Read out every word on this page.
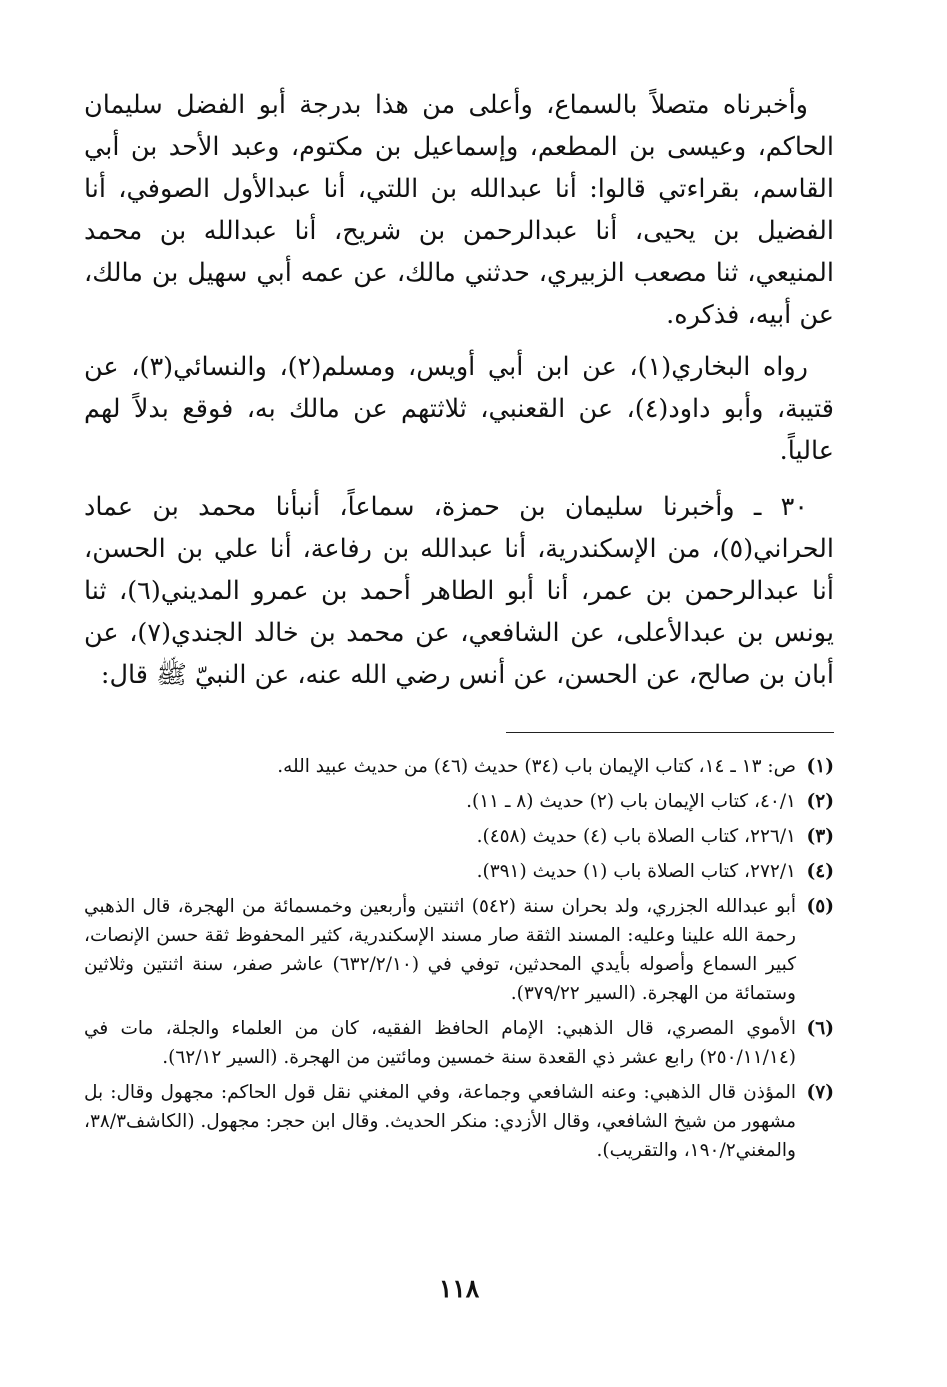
وأخبرناه متصلاً بالسماع، وأعلى من هذا بدرجة أبو الفضل سليمان الحاكم، وعيسى بن المطعم، وإسماعيل بن مكتوم، وعبد الأحد بن أبي القاسم، بقراءتي قالوا: أنا عبدالله بن اللتي، أنا عبدالأول الصوفي، أنا الفضيل بن يحيى، أنا عبدالرحمن بن شريح، أنا عبدالله بن محمد المنيعي، ثنا مصعب الزبيري، حدثني مالك، عن عمه أبي سهيل بن مالك، عن أبيه، فذكره.

رواه البخاري(١)، عن ابن أبي أويس، ومسلم(٢)، والنسائي(٣)، عن قتيبة، وأبو داود(٤)، عن القعنبي، ثلاثتهم عن مالك به، فوقع بدلاً لهم عالياً.

٣٠ ـ وأخبرنا سليمان بن حمزة، سماعاً، أنبأنا محمد بن عماد الحراني(٥)، من الإسكندرية، أنا عبدالله بن رفاعة، أنا علي بن الحسن، أنا عبدالرحمن بن عمر، أنا أبو الطاهر أحمد بن عمرو المديني(٦)، ثنا يونس بن عبدالأعلى، عن الشافعي، عن محمد بن خالد الجندي(٧)، عن أبان بن صالح، عن الحسن، عن أنس رضي الله عنه، عن النبيّ ﷺ قال:

(١)
ص: ١٣ ـ ١٤، كتاب الإيمان باب (٣٤) حديث (٤٦) من حديث عبيد الله.
(٢)
٤٠/١، كتاب الإيمان باب (٢) حديث (٨ ـ ١١).
(٣)
٢٢٦/١، كتاب الصلاة باب (٤) حديث (٤٥٨).
(٤)
٢٧٢/١، كتاب الصلاة باب (١) حديث (٣٩١).
(٥)
أبو عبدالله الجزري، ولد بحران سنة (٥٤٢) اثنتين وأربعين وخمسمائة من الهجرة، قال الذهبي رحمة الله علينا وعليه: المسند الثقة صار مسند الإسكندرية، كثير المحفوظ ثقة حسن الإنصات، كبير السماع وأصوله بأيدي المحدثين، توفي في (٦٣٢/٢/١٠) عاشر صفر، سنة اثنتين وثلاثين وستمائة من الهجرة. (السير ٣٧٩/٢٢).
(٦)
الأموي المصري، قال الذهبي: الإمام الحافظ الفقيه، كان من العلماء والجلة، مات في (٢٥٠/١١/١٤) رابع عشر ذي القعدة سنة خمسين ومائتين من الهجرة. (السير ٦٢/١٢).
(٧)
المؤذن قال الذهبي: وعنه الشافعي وجماعة، وفي المغني نقل قول الحاكم: مجهول وقال: بل مشهور من شيخ الشافعي، وقال الأزدي: منكر الحديث. وقال ابن حجر: مجهول. (الكاشف٣٨/٣، والمغني١٩٠/٢، والتقريب).
١١٨
